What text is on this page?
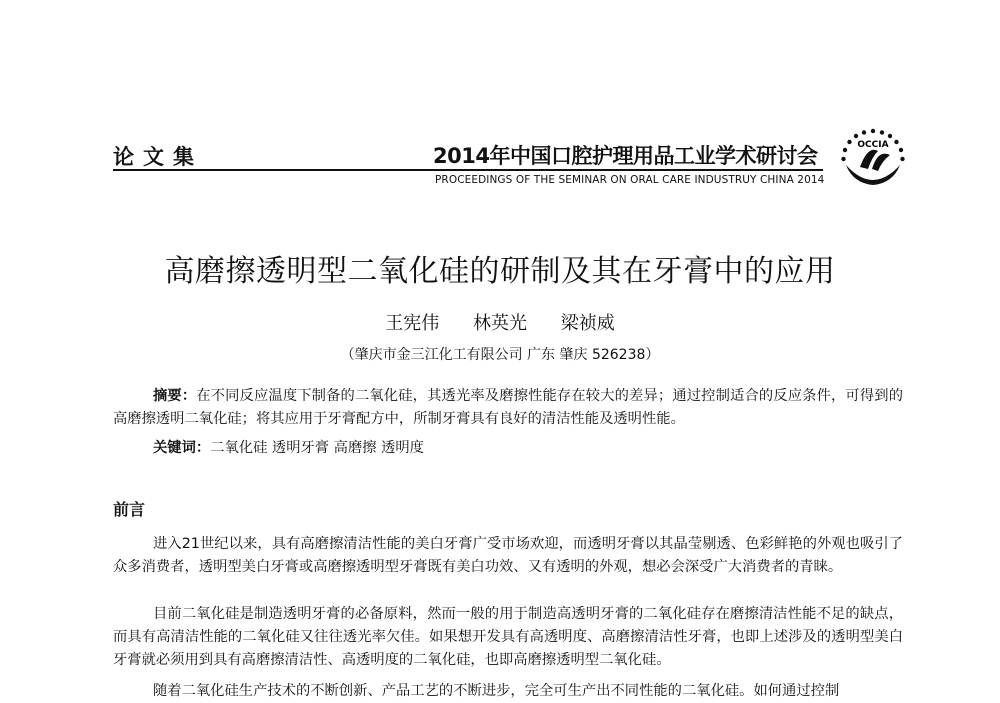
论文集	2014年中国口腔护理用品工业学术研讨会
PROCEEDINGS OF THE SEMINAR ON ORAL CARE INDUSTRUY CHINA 2014
OCCIA
高磨擦透明型二氧化硅的研制及其在牙膏中的应用
王宪伟 林英光 梁祯威
（肇庆市金三江化工有限公司 广东 肇庆 526238）
摘要：在不同反应温度下制备的二氧化硅，其透光率及磨擦性能存在较大的差异；通过控制适合的反应条件，可得到的高磨擦透明二氧化硅；将其应用于牙膏配方中，所制牙膏具有良好的清洁性能及透明性能。
关键词：二氧化硅 透明牙膏 高磨擦 透明度
前言
进入21世纪以来，具有高磨擦清洁性能的美白牙膏广受市场欢迎，而透明牙膏以其晶莹剔透、色彩鲜艳的外观也吸引了众多消费者，透明型美白牙膏或高磨擦透明型牙膏既有美白功效、又有透明的外观，想必会深受广大消费者的青睐。
目前二氧化硅是制造透明牙膏的必备原料，然而一般的用于制造高透明牙膏的二氧化硅存在磨擦清洁性能不足的缺点，而具有高清洁性能的二氧化硅又往往透光率欠佳。如果想开发具有高透明度、高磨擦清洁性牙膏，也即上述涉及的透明型美白牙膏就必须用到具有高磨擦清洁性、高透明度的二氧化硅，也即高磨擦透明型二氧化硅。
随着二氧化硅生产技术的不断创新、产品工艺的不断进步，完全可生产出不同性能的二氧化硅。如何通过控制
